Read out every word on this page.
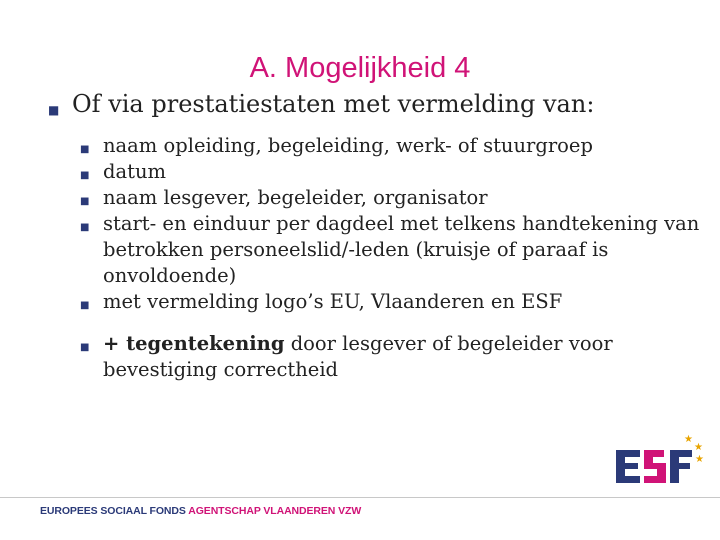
A. Mogelijkheid 4
■ Of via prestatiestaten met vermelding van:
■ naam opleiding, begeleiding, werk- of stuurgroep
■ datum
■ naam lesgever, begeleider, organisator
■ start- en einduur per dagdeel met telkens handtekening van betrokken personeelslid/-leden (kruisje of paraaf is onvoldoende)
■ met vermelding logo’s EU, Vlaanderen en ESF
■ + tegentekening door lesgever of begeleider voor bevestiging correctheid
★
★
★
EUROPEES SOCIAAL FONDS AGENTSCHAP VLAANDEREN VZW
